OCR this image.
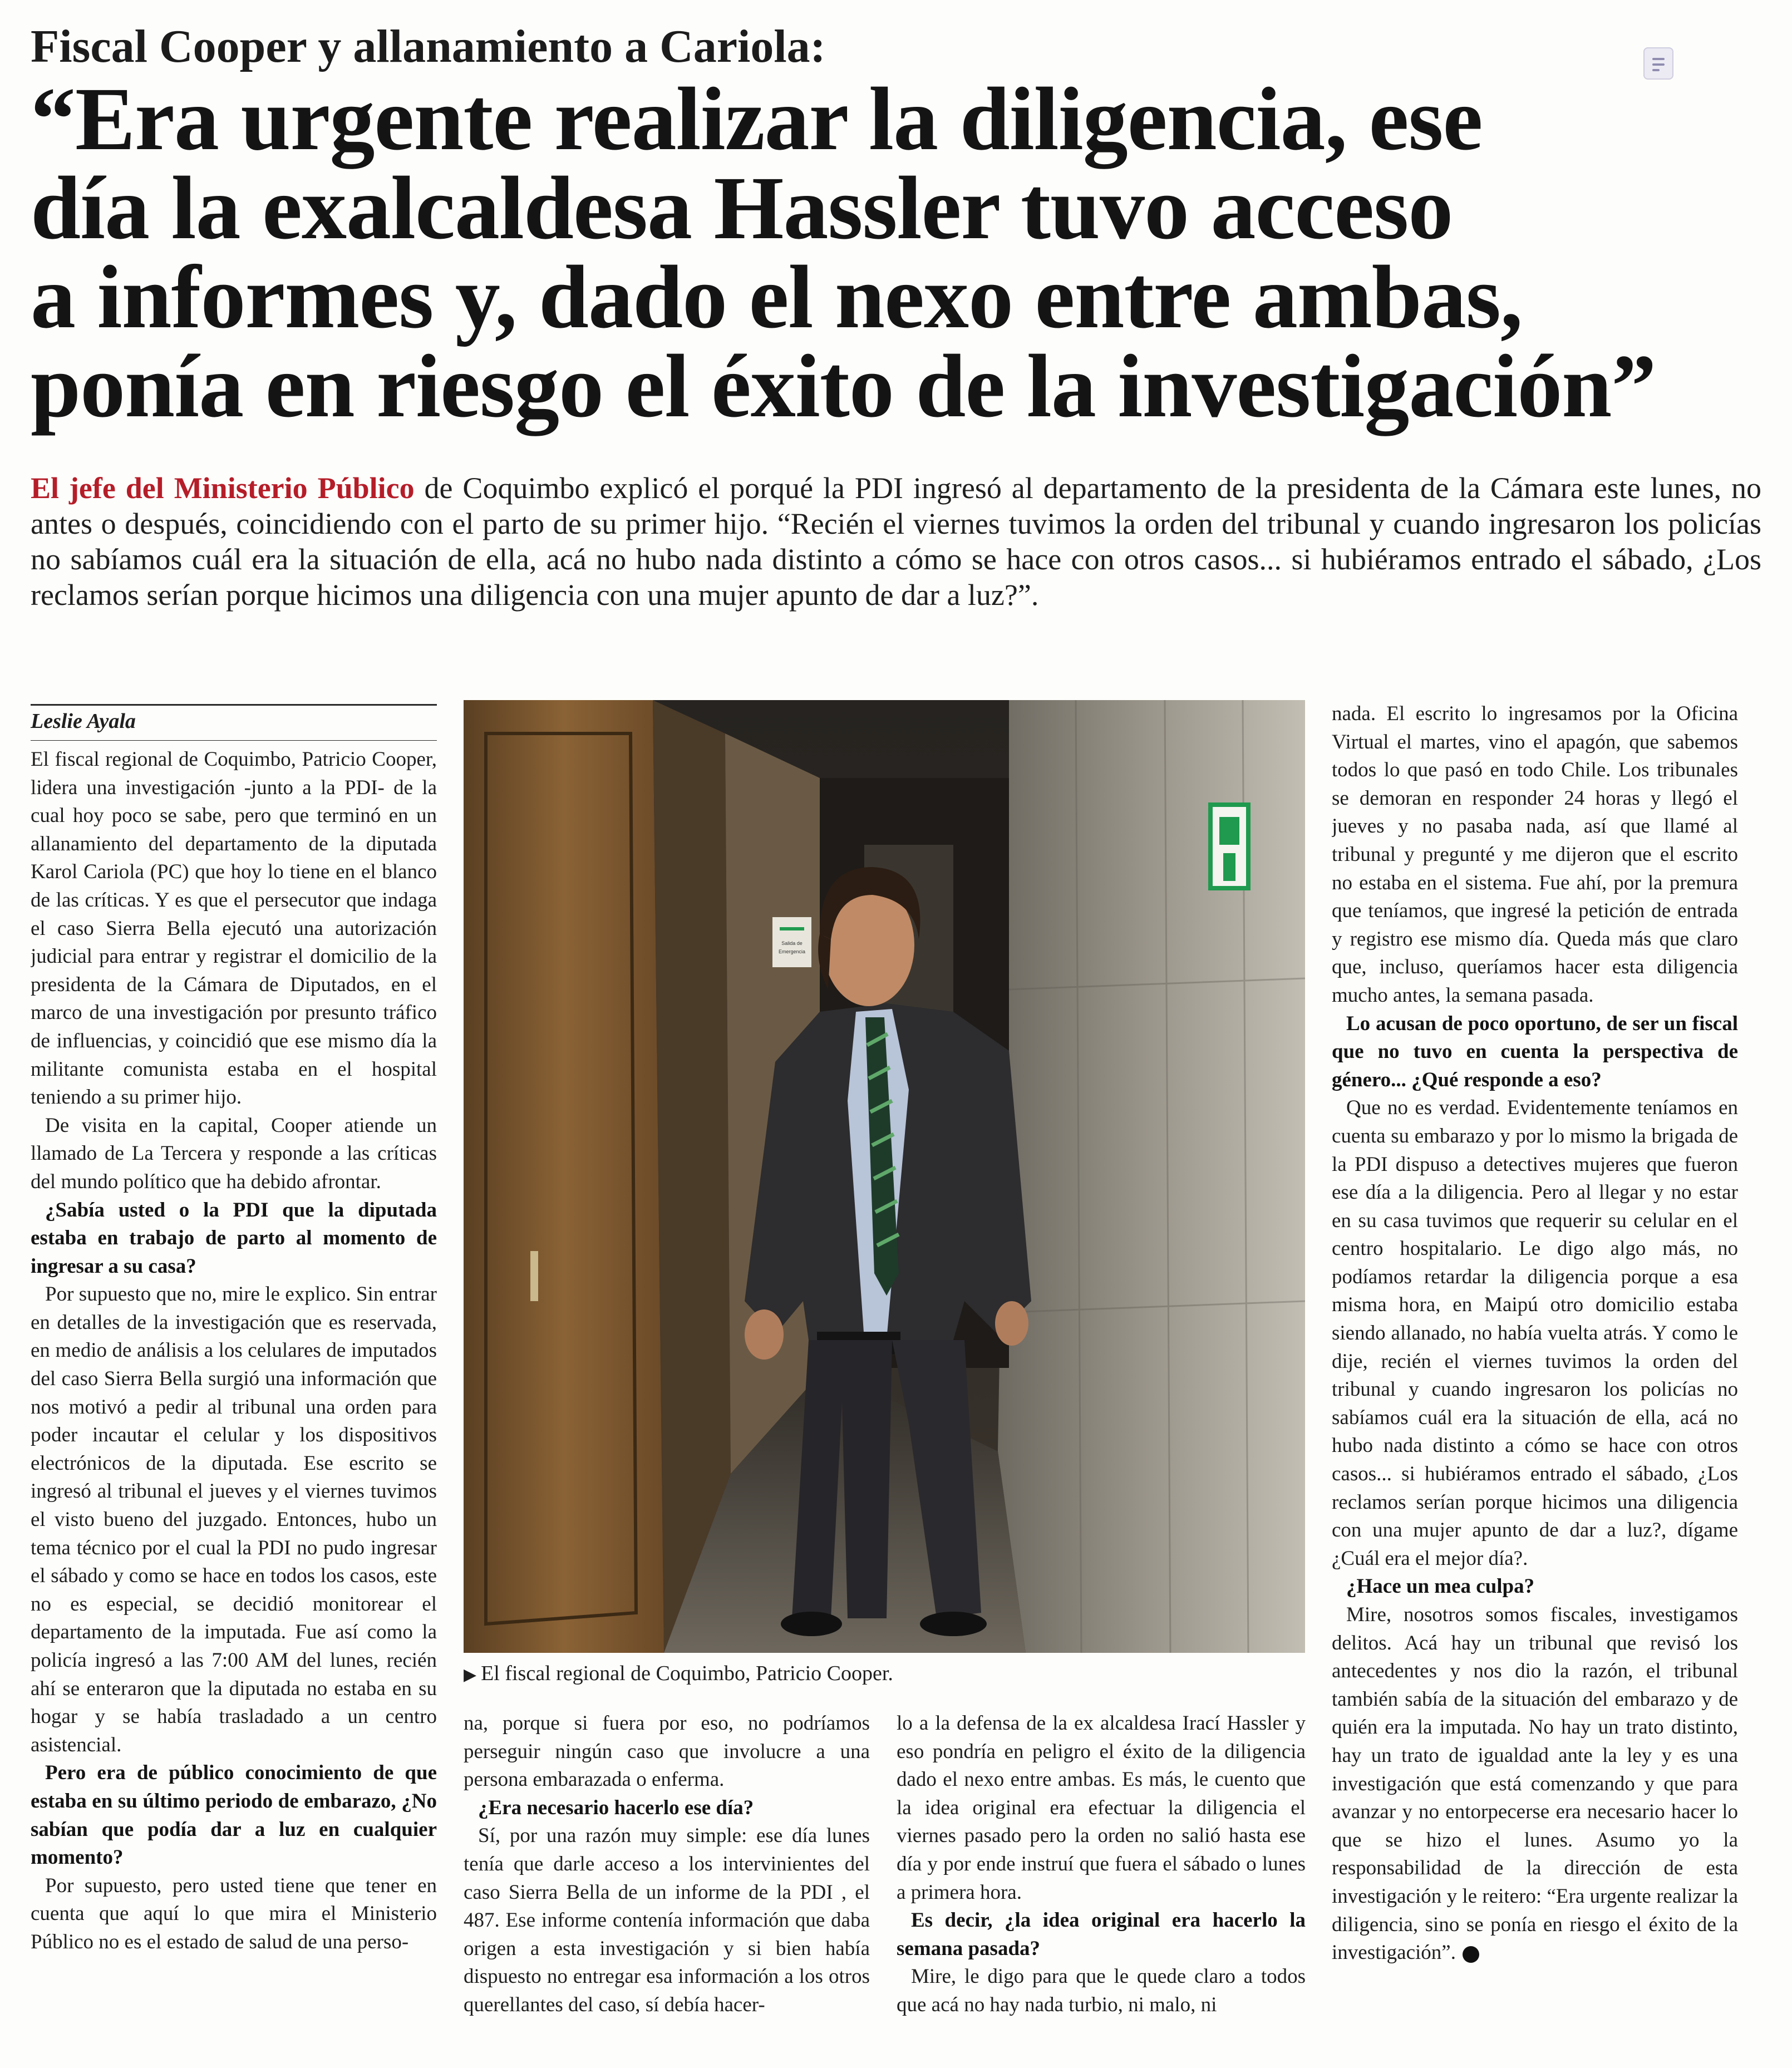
Fiscal Cooper y allanamiento a Cariola:
“Era urgente realizar la diligencia, ese
día la exalcaldesa Hassler tuvo acceso
a informes y, dado el nexo entre ambas,
ponía en riesgo el éxito de la investigación”
El jefe del Ministerio Público de Coquimbo explicó el porqué la PDI ingresó al departamento de la presidenta de la Cámara este lunes, no antes o después, coincidiendo con el parto de su primer hijo. “Recién el viernes tuvimos la orden del tribunal y cuando ingresaron los policías no sabíamos cuál era la situación de ella, acá no hubo nada distinto a cómo se hace con otros casos... si hubiéramos entrado el sábado, ¿Los reclamos serían porque hicimos una diligencia con una mujer apunto de dar a luz?”.
Leslie Ayala

El fiscal regional de Coquimbo, Patricio Cooper, lidera una investigación -junto a la PDI- de la cual hoy poco se sabe, pero que terminó en un allanamiento del departamento de la diputada Karol Cariola (PC) que hoy lo tiene en el blanco de las críticas. Y es que el persecutor que indaga el caso Sierra Bella ejecutó una autorización judicial para entrar y registrar el domicilio de la presidenta de la Cámara de Diputados, en el marco de una investigación por presunto tráfico de influencias, y coincidió que ese mismo día la militante comunista estaba en el hospital teniendo a su primer hijo.

De visita en la capital, Cooper atiende un llamado de La Tercera y responde a las críticas del mundo político que ha debido afrontar.

¿Sabía usted o la PDI que la diputada estaba en trabajo de parto al momento de ingresar a su casa?

Por supuesto que no, mire le explico. Sin entrar en detalles de la investigación que es reservada, en medio de análisis a los celulares de imputados del caso Sierra Bella surgió una información que nos motivó a pedir al tribunal una orden para poder incautar el celular y los dispositivos electrónicos de la diputada. Ese escrito se ingresó al tribunal el jueves y el viernes tuvimos el visto bueno del juzgado. Entonces, hubo un tema técnico por el cual la PDI no pudo ingresar el sábado y como se hace en todos los casos, este no es especial, se decidió monitorear el departamento de la imputada. Fue así como la policía ingresó a las 7:00 AM del lunes, recién ahí se enteraron que la diputada no estaba en su hogar y se había trasladado a un centro asistencial.

Pero era de público conocimiento de que estaba en su último periodo de embarazo, ¿No sabían que podía dar a luz en cualquier momento?

Por supuesto, pero usted tiene que tener en cuenta que aquí lo que mira el Ministerio Público no es el estado de salud de una perso-

Salida de
Emergencia
▶ El fiscal regional de Coquimbo, Patricio Cooper.

na, porque si fuera por eso, no podríamos perseguir ningún caso que involucre a una persona embarazada o enferma.

¿Era necesario hacerlo ese día?

Sí, por una razón muy simple: ese día lunes tenía que darle acceso a los intervinientes del caso Sierra Bella de un informe de la PDI , el 487. Ese informe contenía información que daba origen a esta investigación y si bien había dispuesto no entregar esa información a los otros querellantes del caso, sí debía hacer-

lo a la defensa de la ex alcaldesa Irací Hassler y eso pondría en peligro el éxito de la diligencia dado el nexo entre ambas. Es más, le cuento que la idea original era efectuar la diligencia el viernes pasado pero la orden no salió hasta ese día y por ende instruí que fuera el sábado o lunes a primera hora.

Es decir, ¿la idea original era hacerlo la semana pasada?

Mire, le digo para que le quede claro a todos que acá no hay nada turbio, ni malo, ni

nada. El escrito lo ingresamos por la Oficina Virtual el martes, vino el apagón, que sabemos todos lo que pasó en todo Chile. Los tribunales se demoran en responder 24 horas y llegó el jueves y no pasaba nada, así que llamé al tribunal y pregunté y me dijeron que el escrito no estaba en el sistema. Fue ahí, por la premura que teníamos, que ingresé la petición de entrada y registro ese mismo día. Queda más que claro que, incluso, queríamos hacer esta diligencia mucho antes, la semana pasada.

Lo acusan de poco oportuno, de ser un fiscal que no tuvo en cuenta la perspectiva de género... ¿Qué responde a eso?

Que no es verdad. Evidentemente teníamos en cuenta su embarazo y por lo mismo la brigada de la PDI dispuso a detectives mujeres que fueron ese día a la diligencia. Pero al llegar y no estar en su casa tuvimos que requerir su celular en el centro hospitalario. Le digo algo más, no podíamos retardar la diligencia porque a esa misma hora, en Maipú otro domicilio estaba siendo allanado, no había vuelta atrás. Y como le dije, recién el viernes tuvimos la orden del tribunal y cuando ingresaron los policías no sabíamos cuál era la situación de ella, acá no hubo nada distinto a cómo se hace con otros casos... si hubiéramos entrado el sábado, ¿Los reclamos serían porque hicimos una diligencia con una mujer apunto de dar a luz?, dígame ¿Cuál era el mejor día?.

¿Hace un mea culpa?

Mire, nosotros somos fiscales, investigamos delitos. Acá hay un tribunal que revisó los antecedentes y nos dio la razón, el tribunal también sabía de la situación del embarazo y de quién era la imputada. No hay un trato distinto, hay un trato de igualdad ante la ley y es una investigación que está comenzando y que para avanzar y no entorpecerse era necesario hacer lo que se hizo el lunes. Asumo yo la responsabilidad de la dirección de esta investigación y le reitero: “Era urgente realizar la diligencia, sino se ponía en riesgo el éxito de la investigación”.
